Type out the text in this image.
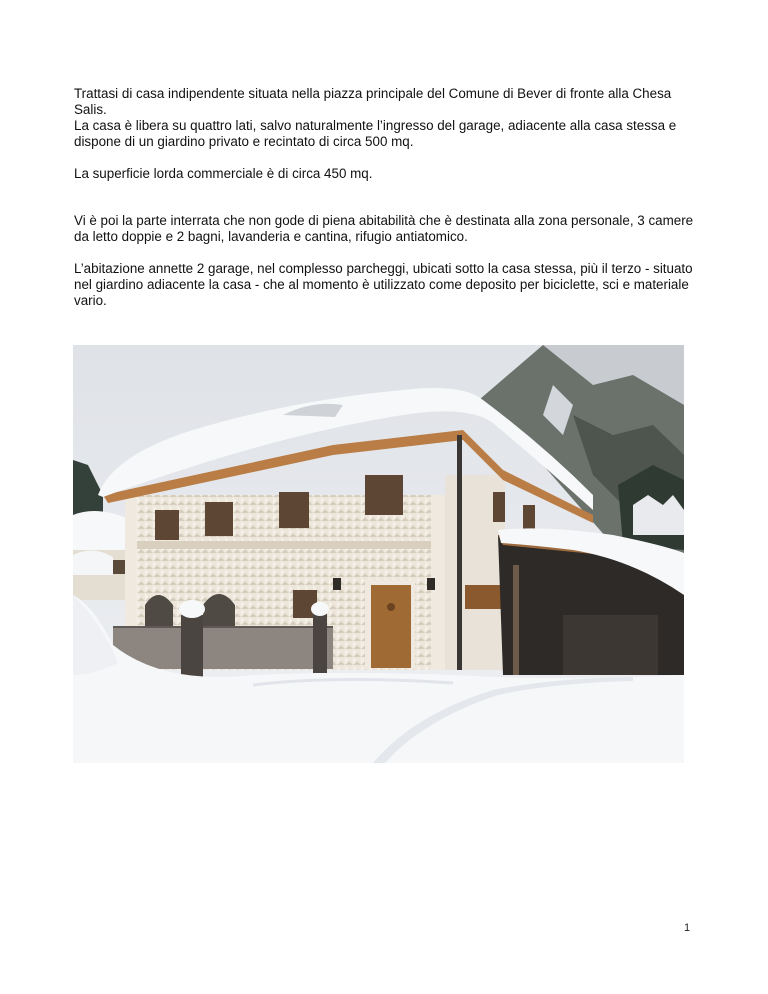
Trattasi di casa indipendente situata nella piazza principale del Comune di Bever di fronte alla Chesa Salis.

La casa è libera su quattro lati, salvo naturalmente l’ingresso del garage, adiacente alla casa stessa e dispone di un giardino privato e recintato di circa 500 mq.

La superficie lorda commerciale è di circa 450 mq.

Vi è poi la parte interrata che non gode di piena abitabilità che è destinata alla zona personale, 3 camere da letto doppie e 2 bagni, lavanderia e cantina, rifugio antiatomico.

L’abitazione annette 2 garage, nel complesso parcheggi, ubicati sotto la casa stessa, più il terzo - situato nel giardino adiacente la casa - che al momento è utilizzato come deposito per biciclette, sci e materiale vario.

1
